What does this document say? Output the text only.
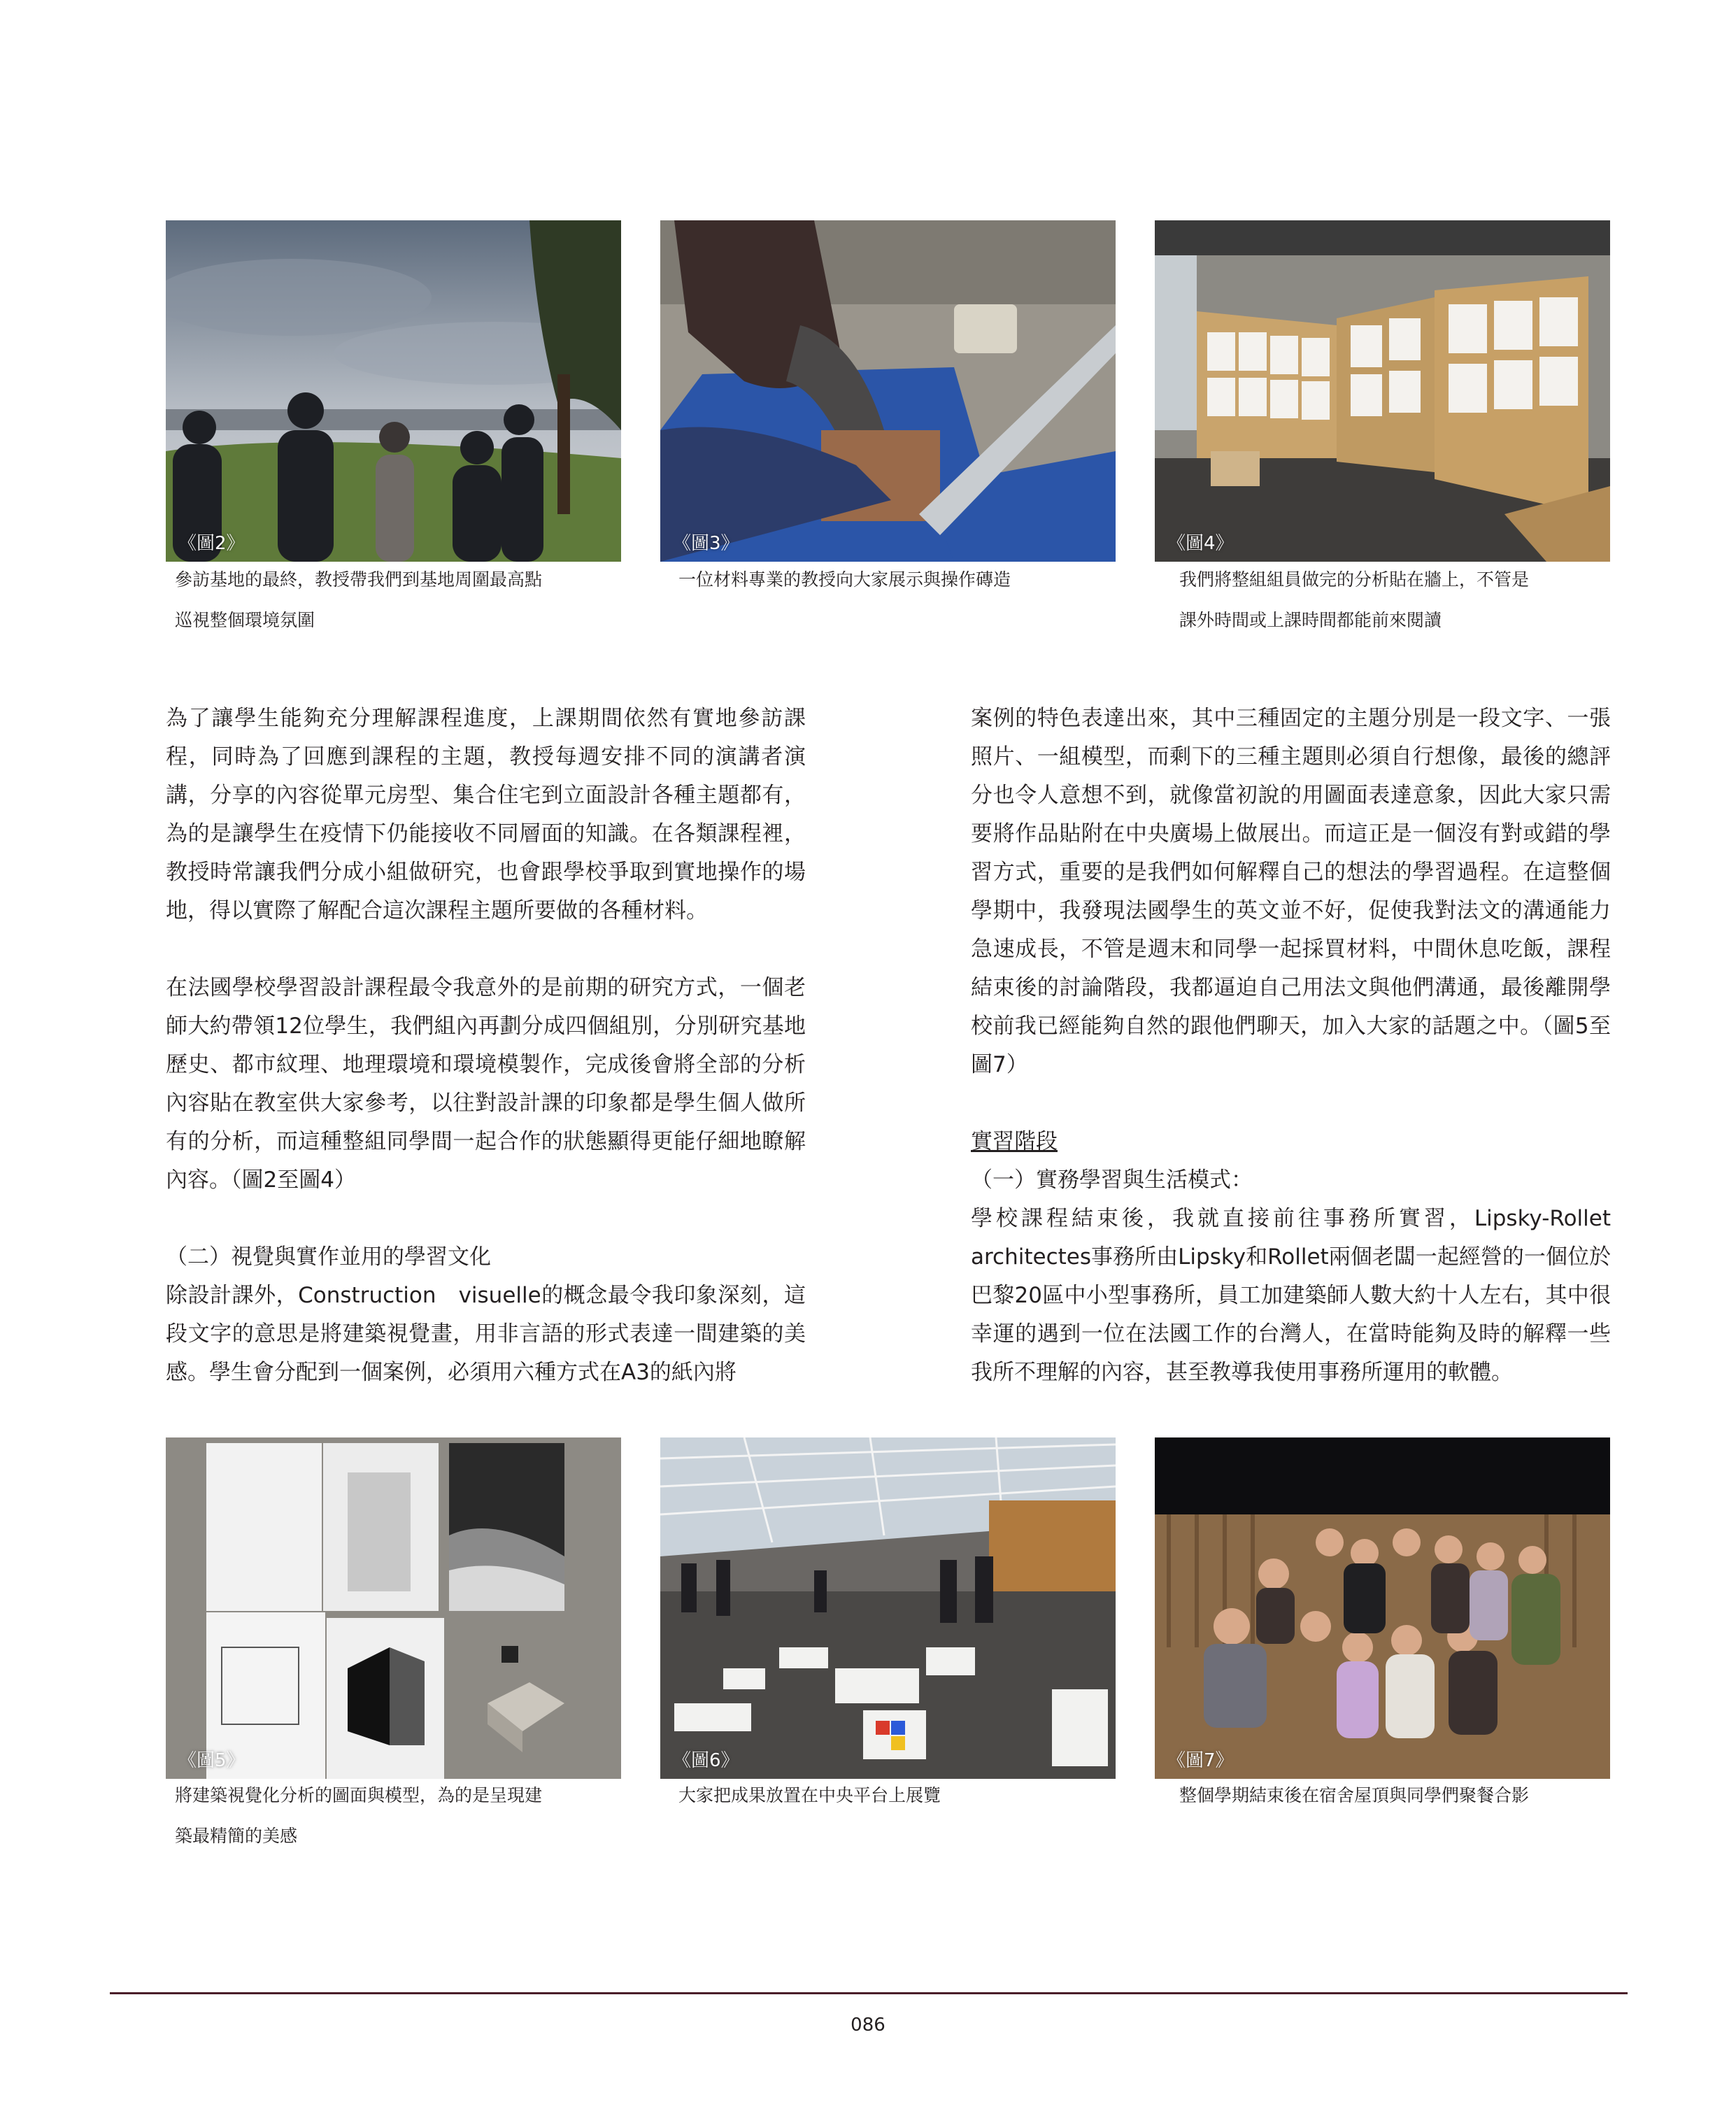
《圖2》	《圖3》	《圖4》
參訪基地的最終，教授帶我們到基地周圍最高點
巡視整個環境氛圍
一位材料專業的教授向大家展示與操作磚造	我們將整組組員做完的分析貼在牆上，不管是
課外時間或上課時間都能前來閱讀

為了讓學生能夠充分理解課程進度，上課期間依然有實地參訪課程，同時為了回應到課程的主題，教授每週安排不同的演講者演講，分享的內容從單元房型、集合住宅到立面設計各種主題都有，為的是讓學生在疫情下仍能接收不同層面的知識。在各類課程裡，教授時常讓我們分成小組做研究，也會跟學校爭取到實地操作的場地，得以實際了解配合這次課程主題所要做的各種材料。

在法國學校學習設計課程最令我意外的是前期的研究方式，一個老師大約帶領12位學生，我們組內再劃分成四個組別，分別研究基地歷史、都市紋理、地理環境和環境模製作，完成後會將全部的分析內容貼在教室供大家參考，以往對設計課的印象都是學生個人做所有的分析，而這種整組同學間一起合作的狀態顯得更能仔細地瞭解內容。（圖2至圖4）

（二）視覺與實作並用的學習文化

除設計課外，Construction　visuelle的概念最令我印象深刻，這段文字的意思是將建築視覺畫，用非言語的形式表達一間建築的美感。學生會分配到一個案例，必須用六種方式在A3的紙內將

案例的特色表達出來，其中三種固定的主題分別是一段文字、一張照片、一組模型，而剩下的三種主題則必須自行想像，最後的總評分也令人意想不到，就像當初說的用圖面表達意象，因此大家只需要將作品貼附在中央廣場上做展出。而這正是一個沒有對或錯的學習方式，重要的是我們如何解釋自己的想法的學習過程。在這整個學期中，我發現法國學生的英文並不好，促使我對法文的溝通能力急速成長，不管是週末和同學一起採買材料，中間休息吃飯，課程結束後的討論階段，我都逼迫自己用法文與他們溝通，最後離開學校前我已經能夠自然的跟他們聊天，加入大家的話題之中。（圖5至圖7）

實習階段

（一）實務學習與生活模式：

學校課程結束後，我就直接前往事務所實習，Lipsky-Rollet architectes事務所由Lipsky和Rollet兩個老闆一起經營的一個位於巴黎20區中小型事務所，員工加建築師人數大約十人左右，其中很幸運的遇到一位在法國工作的台灣人，在當時能夠及時的解釋一些我所不理解的內容，甚至教導我使用事務所運用的軟體。

《圖5》	《圖6》	《圖7》
將建築視覺化分析的圖面與模型，為的是呈現建
築最精簡的美感
大家把成果放置在中央平台上展覽	整個學期結束後在宿舍屋頂與同學們聚餐合影
086
